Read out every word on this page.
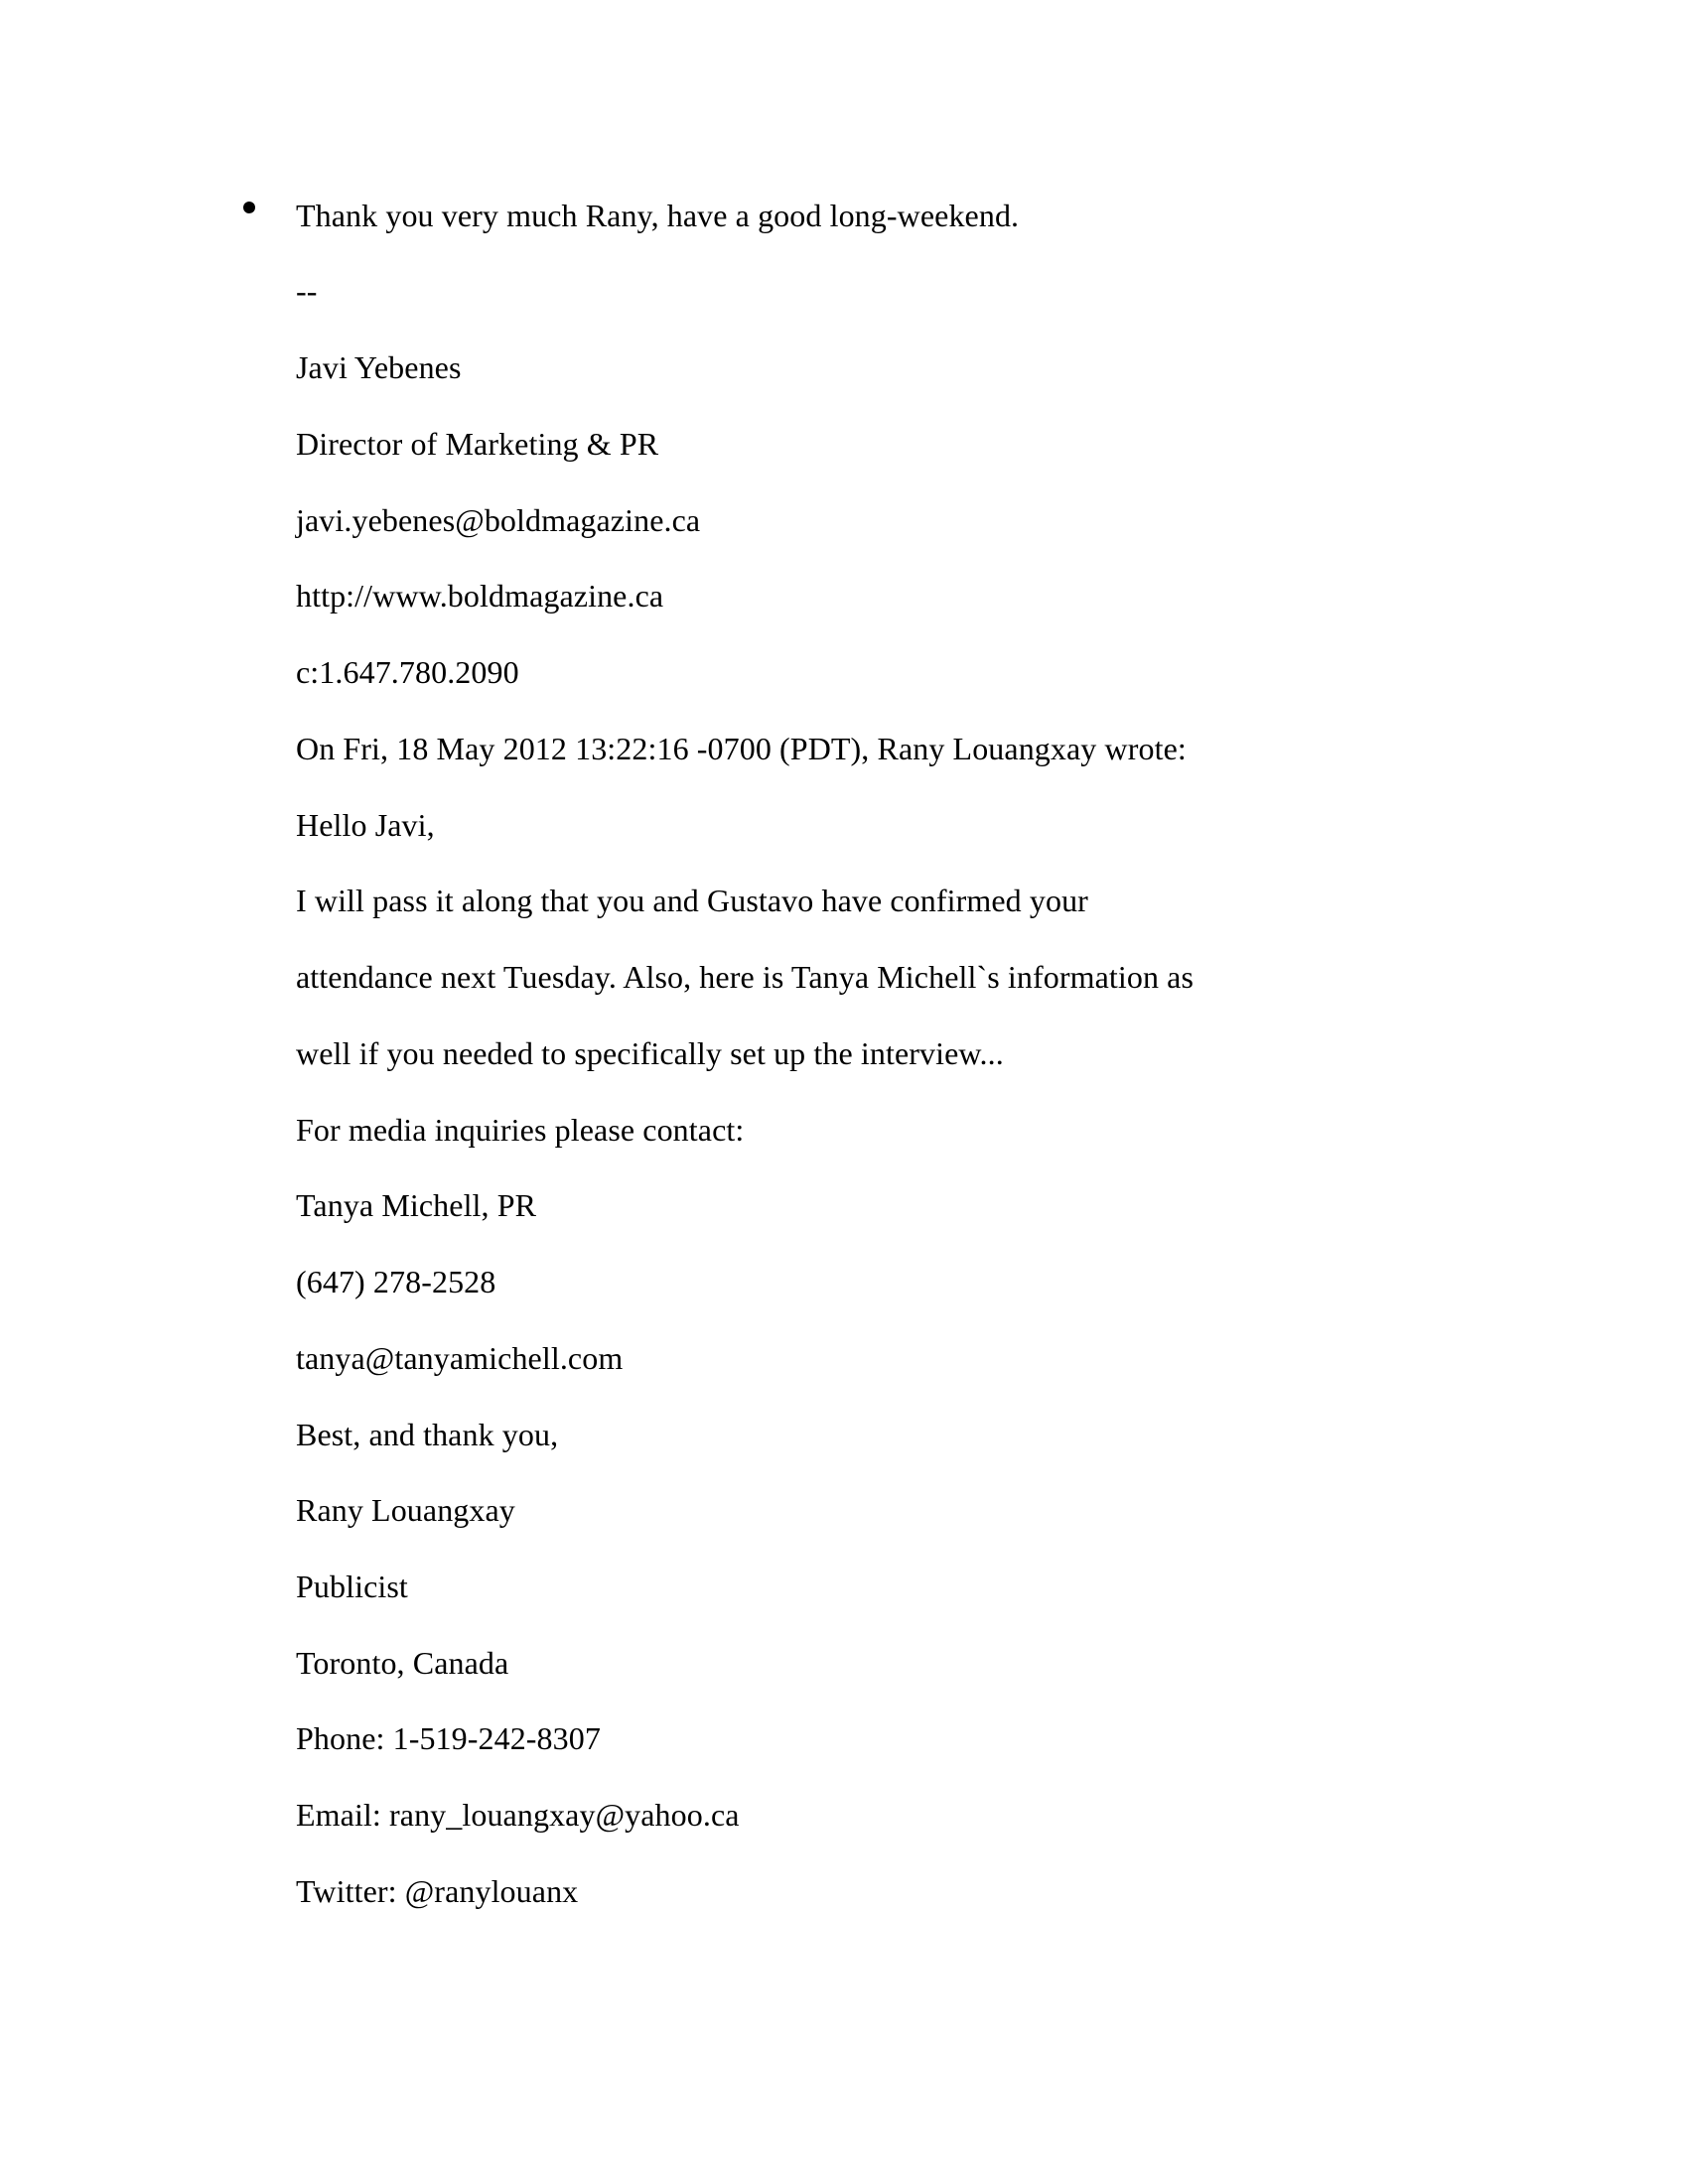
Thank you very much Rany, have a good long-weekend.
--
Javi Yebenes
Director of Marketing & PR
javi.yebenes@boldmagazine.ca
http://www.boldmagazine.ca
c:1.647.780.2090
On Fri, 18 May 2012 13:22:16 -0700 (PDT), Rany Louangxay wrote:
Hello Javi,
I will pass it along that you and Gustavo have confirmed your
attendance next Tuesday. Also, here is Tanya Michell`s information as
well if you needed to specifically set up the interview...
For media inquiries please contact:
Tanya Michell, PR
(647) 278-2528
tanya@tanyamichell.com
Best, and thank you,
Rany Louangxay
Publicist
Toronto, Canada
Phone: 1-519-242-8307
Email: rany_louangxay@yahoo.ca
Twitter: @ranylouanx
